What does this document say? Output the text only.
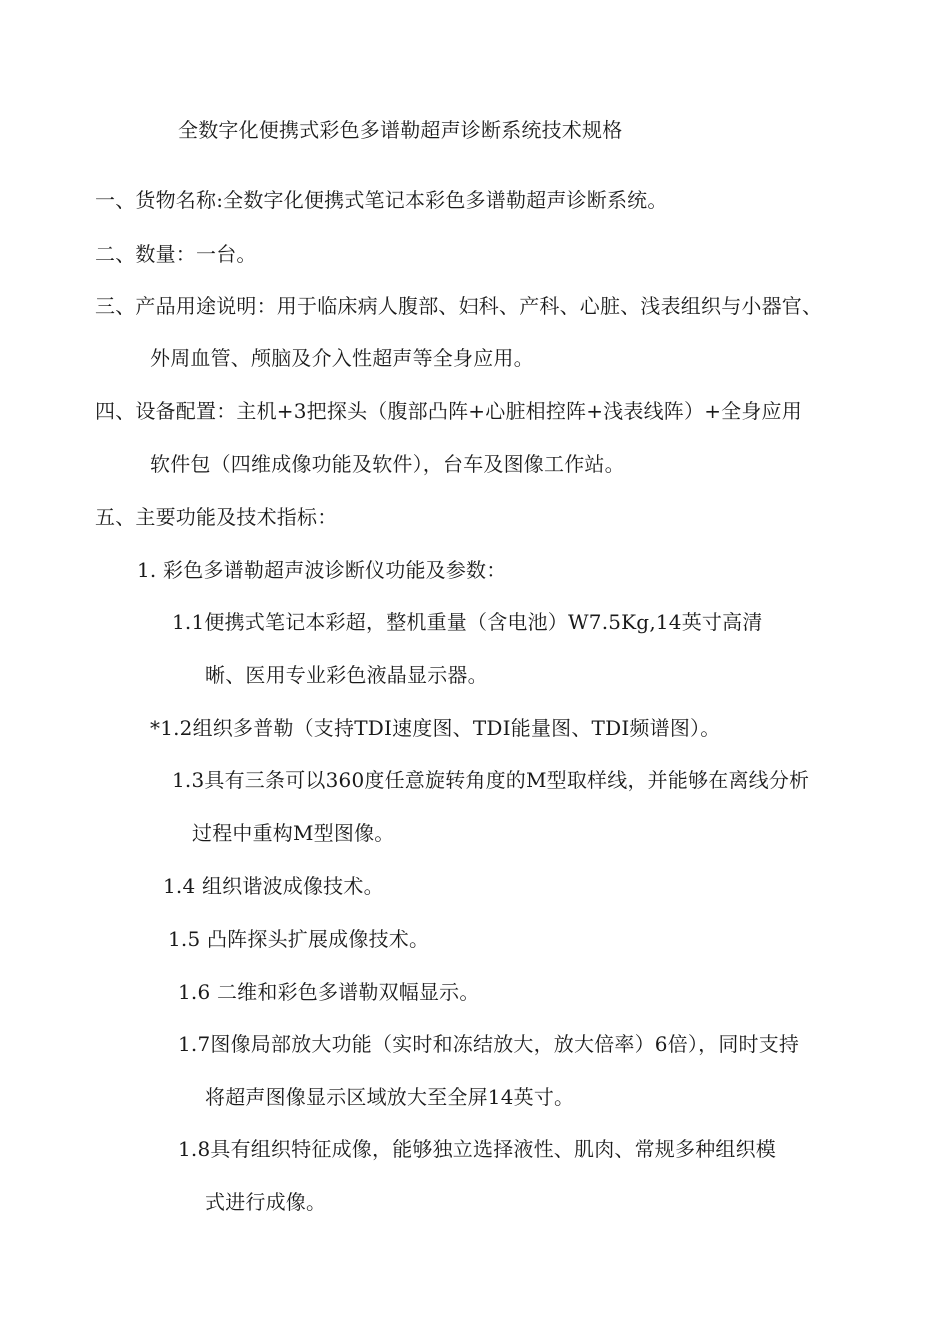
全数字化便携式彩色多谱勒超声诊断系统技术规格
一、货物名称:全数字化便携式笔记本彩色多谱勒超声诊断系统。
二、数量：一台。
三、产品用途说明：用于临床病人腹部、妇科、产科、心脏、浅表组织与小器官、
外周血管、颅脑及介入性超声等全身应用。
四、设备配置：主机+3把探头（腹部凸阵+心脏相控阵+浅表线阵）+全身应用
软件包（四维成像功能及软件），台车及图像工作站。
五、主要功能及技术指标：
1. 彩色多谱勒超声波诊断仪功能及参数：
1.1便携式笔记本彩超，整机重量（含电池）W7.5Kg,14英寸高清
晰、医用专业彩色液晶显示器。
*1.2组织多普勒（支持TDI速度图、TDI能量图、TDI频谱图）。
1.3具有三条可以360度任意旋转角度的M型取样线，并能够在离线分析
过程中重构M型图像。
1.4 组织谐波成像技术。
1.5 凸阵探头扩展成像技术。
1.6 二维和彩色多谱勒双幅显示。
1.7图像局部放大功能（实时和冻结放大，放大倍率）6倍），同时支持
将超声图像显示区域放大至全屏14英寸。
1.8具有组织特征成像，能够独立选择液性、肌肉、常规多种组织模
式进行成像。
